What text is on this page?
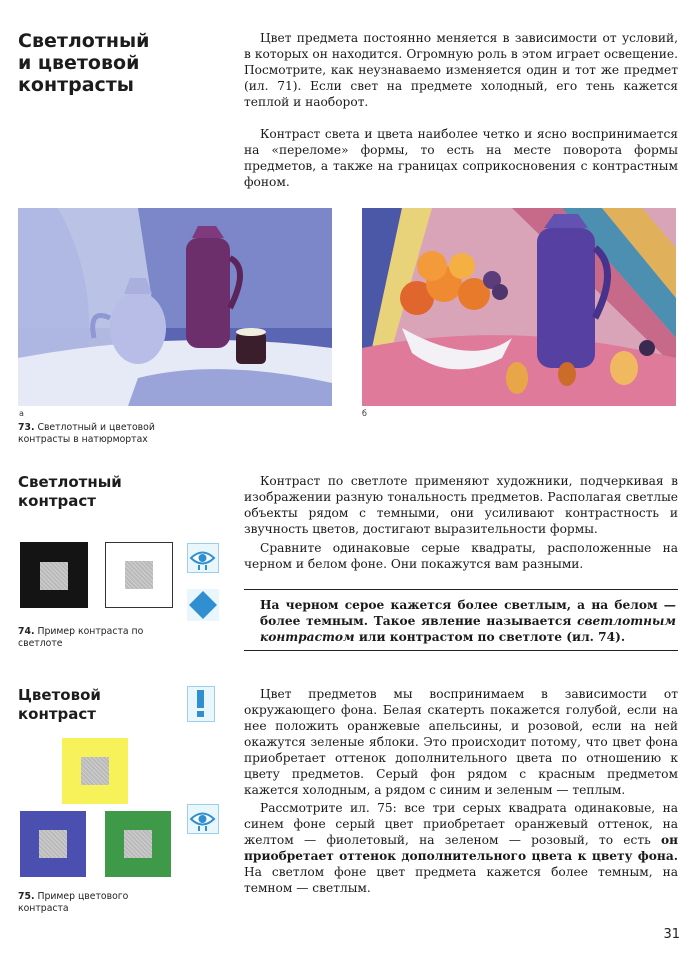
Светлотный
и цветовой
контрасты

Цвет предмета постоянно меняется в зависимости от условий, в которых он находится. Огромную роль в этом играет освещение. Посмотрите, как неузнаваемо изменяется один и тот же предмет (ил. 71). Если свет на предмете холодный, его тень кажется теплой и наоборот.

Контраст света и цвета наиболее четко и ясно воспринимается на «переломе» формы, то есть на месте поворота формы предметов, а также на границах соприкосновения с контрастным фоном.

а	б

73. Светлотный и цветовой контрасты в натюрмортах

Светлотный
контраст

Контраст по светлоте применяют художники, подчеркивая в изображении разную тональность предметов. Располагая светлые объекты рядом с темными, они усиливают контрастность и звучность цветов, достигают выразительности формы.

Сравните одинаковые серые квадраты, расположенные на черном и белом фоне. Они покажутся вам разными.

74. Пример контраста по светлоте

На черном серое кажется более светлым, а на белом — более темным. Такое явление называется светлотным контрастом или контрастом по светлоте (ил. 74).

Цветовой
контраст

Цвет предметов мы воспринимаем в зависимости от окружающего фона. Белая скатерть покажется голубой, если на нее положить оранжевые апельсины, и розовой, если на ней окажутся зеленые яблоки. Это происходит потому, что цвет фона приобретает оттенок дополнительного цвета по отношению к цвету предметов. Серый фон рядом с красным предметом кажется холодным, а рядом с синим и зеленым — теплым.

Рассмотрите ил. 75: все три серых квадрата одинаковые, на синем фоне серый цвет приобретает оранжевый оттенок, на желтом — фиолетовый, на зеленом — розовый, то есть он приобретает оттенок дополнительного цвета к цвету фона. На светлом фоне цвет предмета кажется более темным, на темном — светлым.

75. Пример цветового контраста

31
